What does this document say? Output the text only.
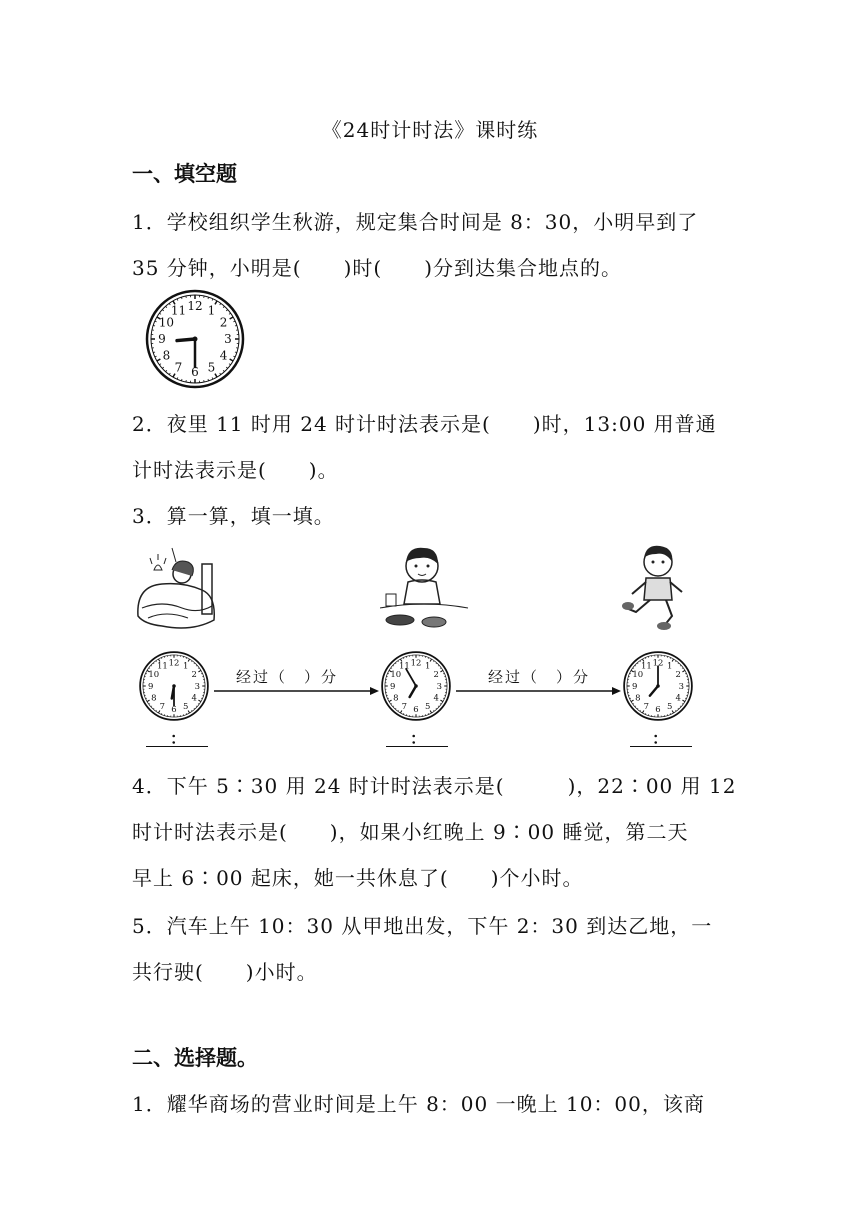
《24时计时法》课时练
一、填空题
1．学校组织学生秋游，规定集合时间是 8：30，小明早到了
35 分钟，小明是(　　)时(　　)分到达集合地点的。
12 1
2
3
4
5
6
7
8
9
10
11
2．夜里 11 时用 24 时计时法表示是(　　)时，13:00 用普通
计时法表示是(　　)。
3．算一算，填一填。
12 1
2
3
4
5
6
7
8
9
10
11	12 1
2
3
4
5
6
7
8
9
10
11	12 1
2
3
4
5
6
7
8
9
10
11
经过（　）分	经过（　）分
：	：	：
4．下午 5∶30 用 24 时计时法表示是(　　　)，22∶00 用 12
时计时法表示是(　　)，如果小红晚上 9∶00 睡觉，第二天
早上 6∶00 起床，她一共休息了(　　)个小时。
5．汽车上午 10：30 从甲地出发，下午 2：30 到达乙地，一
共行驶(　　)小时。
二、选择题。
1．耀华商场的营业时间是上午 8：00 一晚上 10：00，该商
